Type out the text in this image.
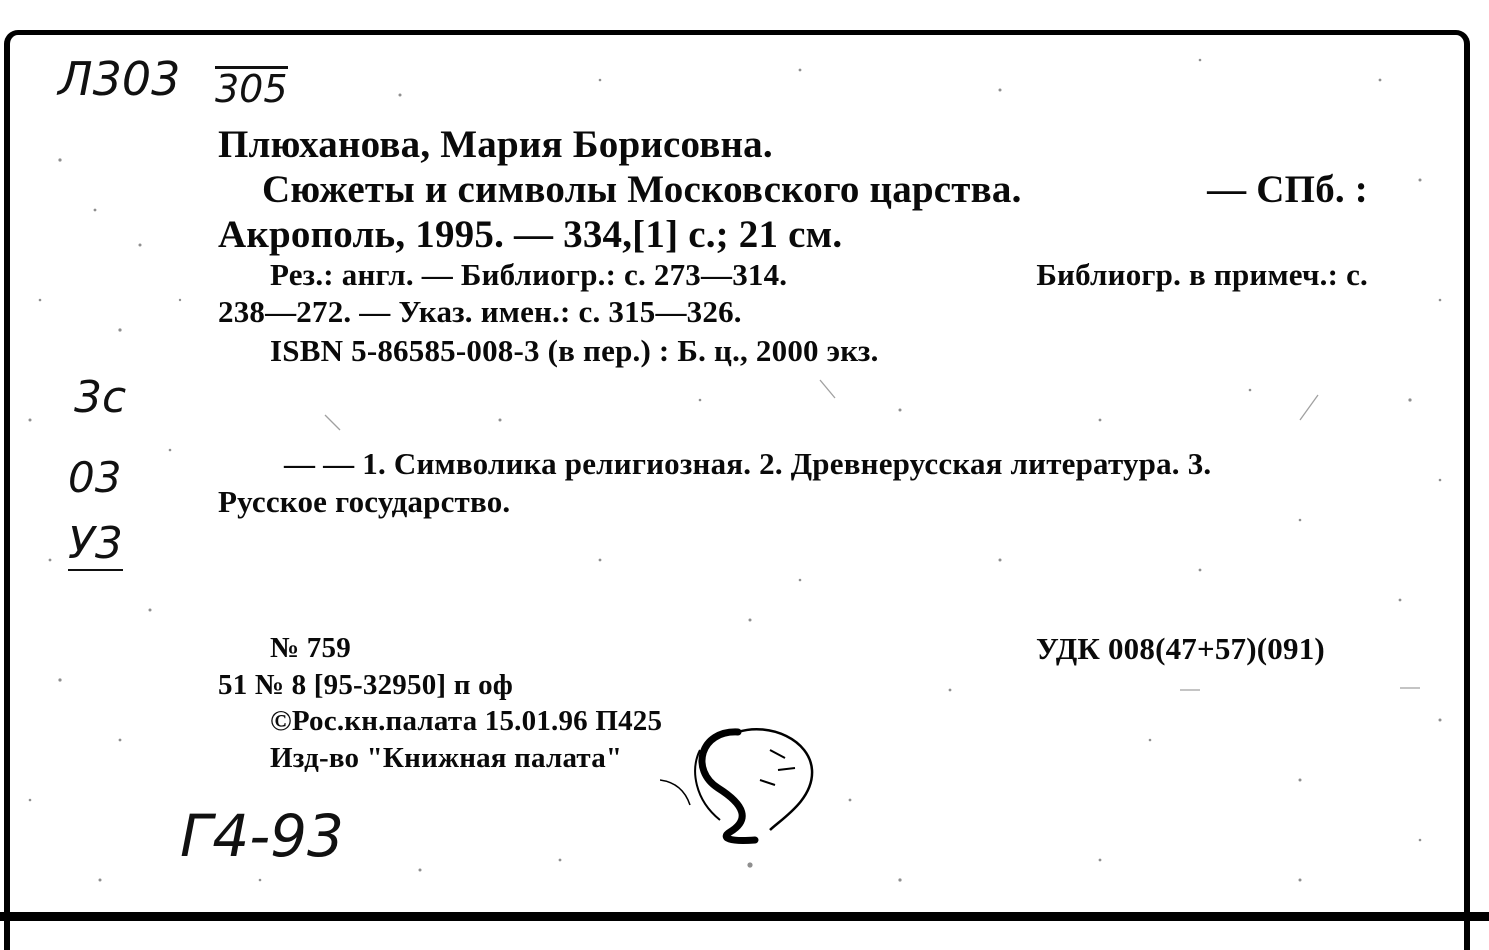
Л303 305
3с
03
У3
Г4-93
Плюханова, Мария Борисовна.
Сюжеты и символы Московского царства.	— СПб. :
Акрополь, 1995. — 334,[1] с.; 21 см.
Рез.: англ. — Библиогр.: с. 273—314.	Библиогр. в примеч.: с.
238—272. — Указ. имен.: с. 315—326.
ISBN 5-86585-008-3 (в пер.) : Б. ц., 2000 экз.
— — 1. Символика религиозная. 2. Древнерусская литература. 3.
Русское государство.
№ 759	УДК 008(47+57)(091)
51 № 8 [95-32950] п оф
©Рос.кн.палата 15.01.96 П425
Изд-во "Книжная палата"
